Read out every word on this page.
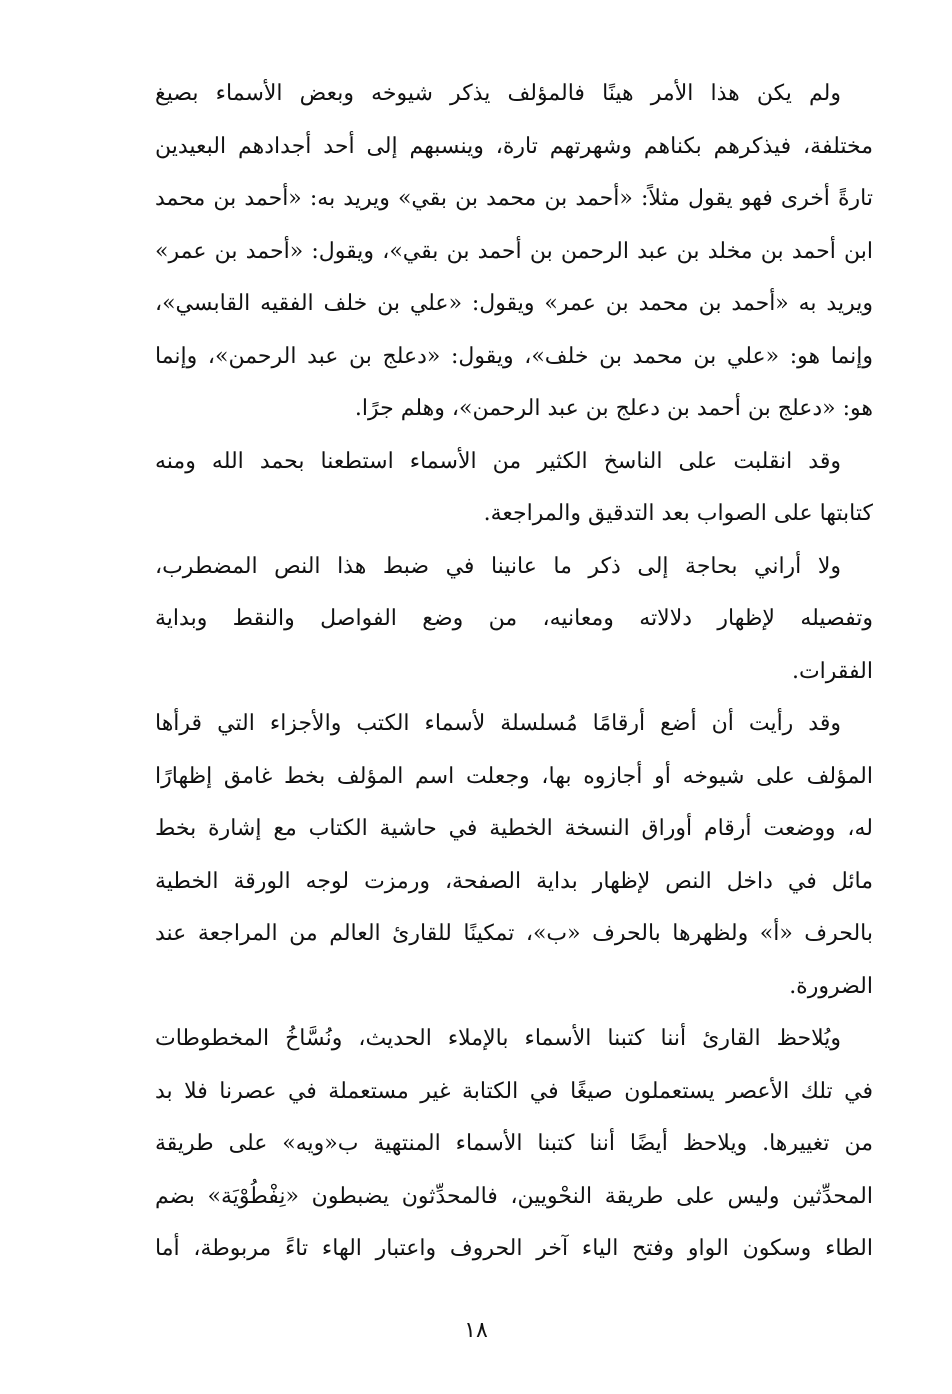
ولم يكن هذا الأمر هينًا فالمؤلف يذكر شيوخه وبعض الأسماء بصيغ
مختلفة، فيذكرهم بكناهم وشهرتهم تارة، وينسبهم إلى أحد أجدادهم البعيدين
تارةً أخرى فهو يقول مثلاً: «أحمد بن محمد بن بقي» ويريد به: «أحمد بن محمد
ابن أحمد بن مخلد بن عبد الرحمن بن أحمد بن بقي»، ويقول: «أحمد بن عمر»
ويريد به «أحمد بن محمد بن عمر» ويقول: «علي بن خلف الفقيه القابسي»،
وإنما هو: «علي بن محمد بن خلف»، ويقول: «دعلج بن عبد الرحمن»، وإنما
هو: «دعلج بن أحمد بن دعلج بن عبد الرحمن»، وهلم جرًا.
وقد انقلبت على الناسخ الكثير من الأسماء استطعنا بحمد الله ومنه
كتابتها على الصواب بعد التدقيق والمراجعة.
ولا أراني بحاجة إلى ذكر ما عانينا في ضبط هذا النص المضطرب،
وتفصيله لإظهار دلالاته ومعانيه، من وضع الفواصل والنقط وبداية
الفقرات.
وقد رأيت أن أضع أرقامًا مُسلسلة لأسماء الكتب والأجزاء التي قرأها
المؤلف على شيوخه أو أجازوه بها، وجعلت اسم المؤلف بخط غامق إظهارًا
له، ووضعت أرقام أوراق النسخة الخطية في حاشية الكتاب مع إشارة بخط
مائل في داخل النص لإظهار بداية الصفحة، ورمزت لوجه الورقة الخطية
بالحرف «أ» ولظهرها بالحرف «ب»، تمكينًا للقارئ العالم من المراجعة عند
الضرورة.
ويُلاحظ القارئ أننا كتبنا الأسماء بالإملاء الحديث، ونُسَّاخُ المخطوطات
في تلك الأعصر يستعملون صيغًا في الكتابة غير مستعملة في عصرنا فلا بد
من تغييرها. ويلاحظ أيضًا أننا كتبنا الأسماء المنتهية ب«ويه» على طريقة
المحدِّثين وليس على طريقة النحْويين، فالمحدِّثون يضبطون «نِفْطُوْيَة» بضم
الطاء وسكون الواو وفتح الياء آخر الحروف واعتبار الهاء تاءً مربوطة، أما
١٨
